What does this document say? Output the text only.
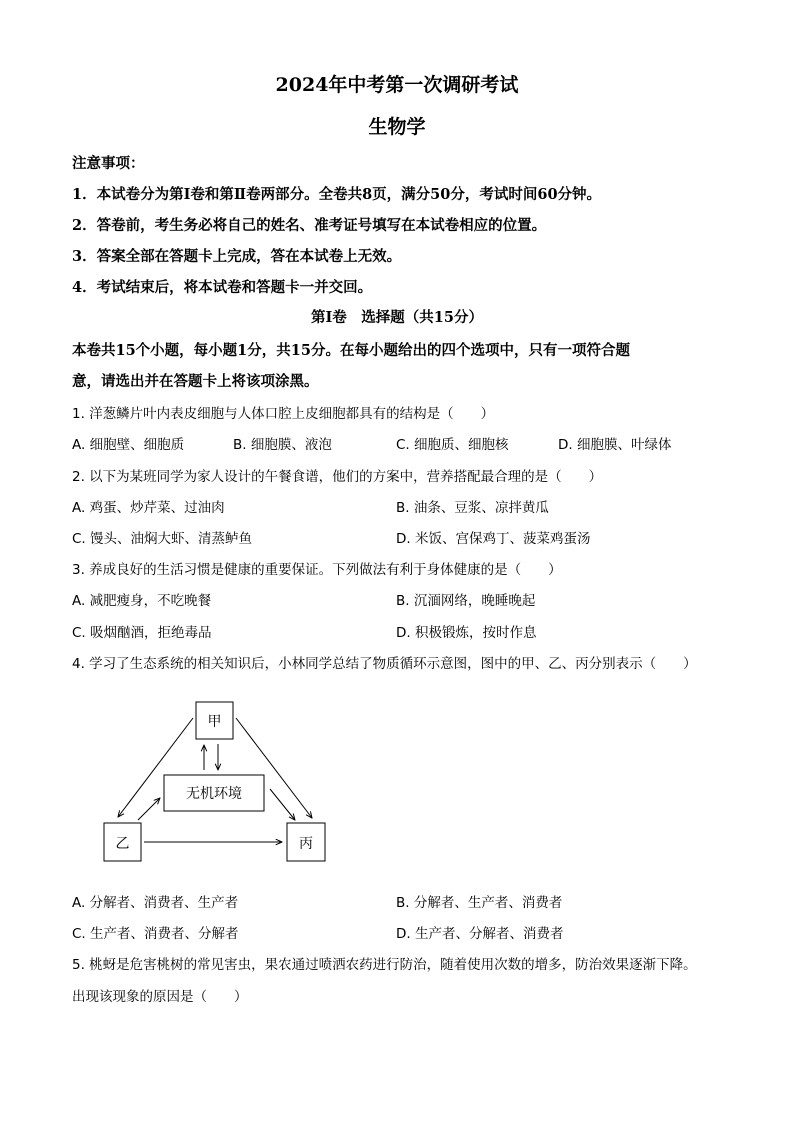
2024年中考第一次调研考试
生物学
注意事项：
1．本试卷分为第Ⅰ卷和第Ⅱ卷两部分。全卷共8页，满分50分，考试时间60分钟。
2．答卷前，考生务必将自己的姓名、准考证号填写在本试卷相应的位置。
3．答案全部在答题卡上完成，答在本试卷上无效。
4．考试结束后，将本试卷和答题卡一并交回。
第Ⅰ卷　选择题（共15分）
本卷共15个小题，每小题1分，共15分。在每小题给出的四个选项中，只有一项符合题
意，请选出并在答题卡上将该项涂黑。
1. 洋葱鳞片叶内表皮细胞与人体口腔上皮细胞都具有的结构是（　　）
A. 细胞壁、细胞质	B. 细胞膜、液泡	C. 细胞质、细胞核	D. 细胞膜、叶绿体
2. 以下为某班同学为家人设计的午餐食谱，他们的方案中，营养搭配最合理的是（　　）
A. 鸡蛋、炒芹菜、过油肉	B. 油条、豆浆、凉拌黄瓜
C. 馒头、油焖大虾、清蒸鲈鱼	D. 米饭、宫保鸡丁、菠菜鸡蛋汤
3. 养成良好的生活习惯是健康的重要保证。下列做法有利于身体健康的是（　　）
A. 减肥瘦身，不吃晚餐	B. 沉湎网络，晚睡晚起
C. 吸烟酗酒，拒绝毒品	D. 积极锻炼，按时作息
4. 学习了生态系统的相关知识后，小林同学总结了物质循环示意图，图中的甲、乙、丙分别表示（　　）
甲
无机环境
乙	丙
A. 分解者、消费者、生产者	B. 分解者、生产者、消费者
C. 生产者、消费者、分解者	D. 生产者、分解者、消费者
5. 桃蚜是危害桃树的常见害虫，果农通过喷洒农药进行防治，随着使用次数的增多，防治效果逐渐下降。
出现该现象的原因是（　　）
